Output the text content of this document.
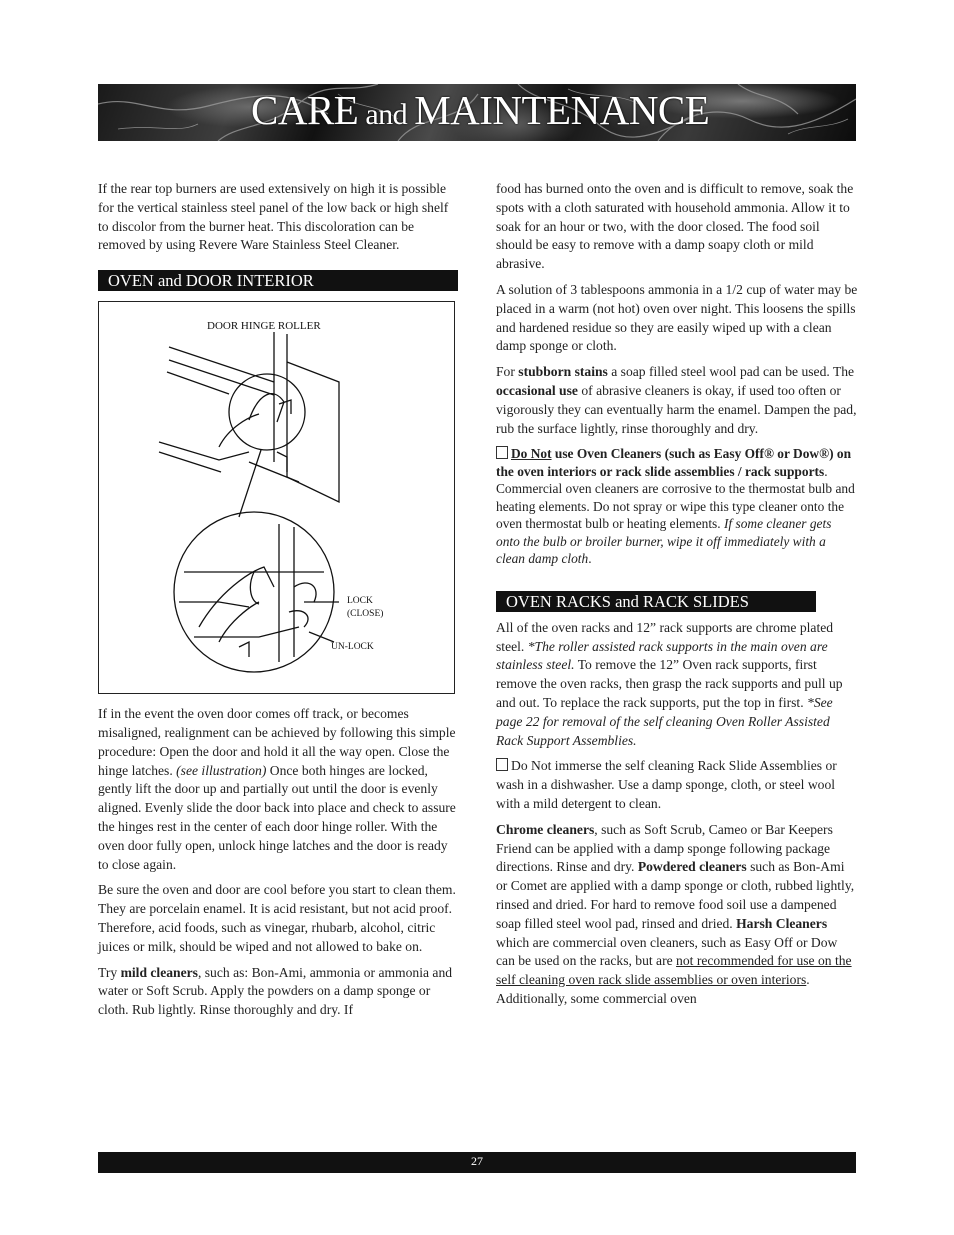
CARE and MAINTENANCE

If the rear top burners are used extensively on high it is possible for the vertical stainless steel panel of the low back or high shelf to discolor from the burner heat. This discoloration can be removed by using Revere Ware Stainless Steel Cleaner.

OVEN and DOOR INTERIOR
DOOR HINGE ROLLER
LOCK
(CLOSE)
UN-LOCK

If in the event the oven door comes off track, or becomes misaligned, realignment can be achieved by following this simple procedure: Open the door and hold it all the way open. Close the hinge latches. (see illustration) Once both hinges are locked, gently lift the door up and partially out until the door is evenly aligned. Evenly slide the door back into place and check to assure the hinges rest in the center of each door hinge roller. With the oven door fully open, unlock hinge latches and the door is ready to close again.

Be sure the oven and door are cool before you start to clean them. They are porcelain enamel. It is acid resistant, but not acid proof. Therefore, acid foods, such as vinegar, rhubarb, alcohol, citric juices or milk, should be wiped and not allowed to bake on.

Try mild cleaners, such as: Bon-Ami, ammonia or ammonia and water or Soft Scrub. Apply the powders on a damp sponge or cloth. Rub lightly. Rinse thoroughly and dry. If

food has burned onto the oven and is difficult to remove, soak the spots with a cloth saturated with household ammonia. Allow it to soak for an hour or two, with the door closed. The food soil should be easy to remove with a damp soapy cloth or mild abrasive.

A solution of 3 tablespoons ammonia in a 1/2 cup of water may be placed in a warm (not hot) oven over night. This loosens the spills and hardened residue so they are easily wiped up with a clean damp sponge or cloth.

For stubborn stains a soap filled steel wool pad can be used. The occasional use of abrasive cleaners is okay, if used too often or vigorously they can eventually harm the enamel. Dampen the pad, rub the surface lightly, rinse thoroughly and dry.

Do Not use Oven Cleaners (such as Easy Off® or Dow®) on the oven interiors or rack slide assemblies / rack supports. Commercial oven cleaners are corrosive to the thermostat bulb and heating elements. Do not spray or wipe this type cleaner onto the oven thermostat bulb or heating elements. If some cleaner gets onto the bulb or broiler burner, wipe it off immediately with a clean damp cloth.

OVEN RACKS and RACK SLIDES

All of the oven racks and 12” rack supports are chrome plated steel. *The roller assisted rack supports in the main oven are stainless steel. To remove the 12” Oven rack supports, first remove the oven racks, then grasp the rack supports and pull up and out. To replace the rack supports, put the top in first. *See page 22 for removal of the self cleaning Oven Roller Assisted Rack Support Assemblies.

Do Not immerse the self cleaning Rack Slide Assemblies or wash in a dishwasher. Use a damp sponge, cloth, or steel wool with a mild detergent to clean.

Chrome cleaners, such as Soft Scrub, Cameo or Bar Keepers Friend can be applied with a damp sponge following package directions. Rinse and dry. Powdered cleaners such as Bon-Ami or Comet are applied with a damp sponge or cloth, rubbed lightly, rinsed and dried. For hard to remove food soil use a dampened soap filled steel wool pad, rinsed and dried. Harsh Cleaners which are commercial oven cleaners, such as Easy Off or Dow can be used on the racks, but are not recommended for use on the self cleaning oven rack slide assemblies or oven interiors. Additionally, some commercial oven

27
